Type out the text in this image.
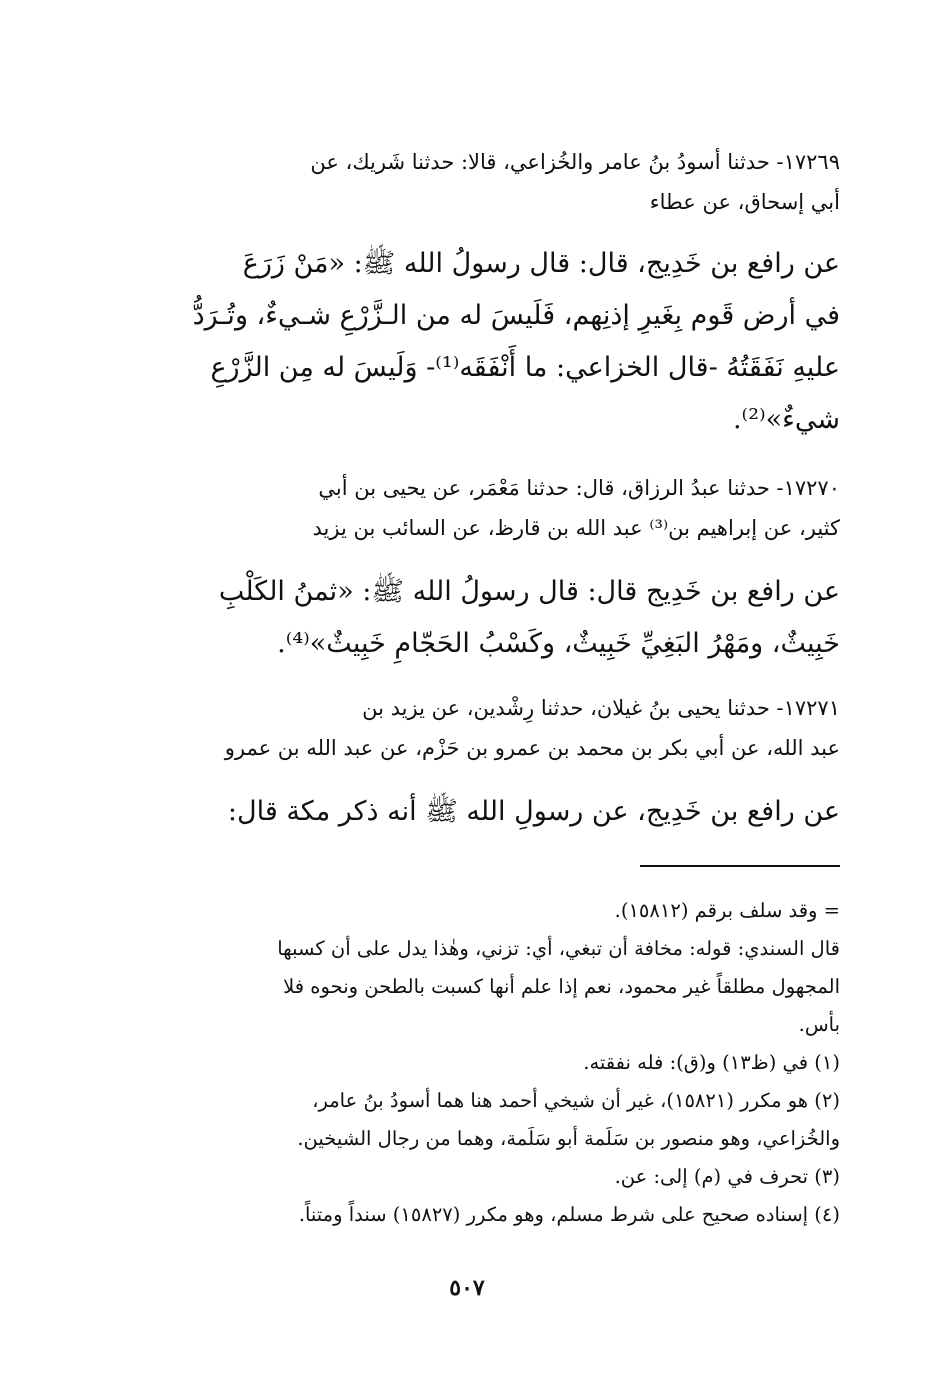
١٧٢٦٩- حدثنا أسودُ بنُ عامر والخُزاعي، قالا: حدثنا شَريك، عن
أبي إسحاق، عن عطاء
عن رافع بن خَدِيج، قال: قال رسولُ الله ﷺ: «مَنْ زَرَعَ
في أرض قَوم بِغَيرِ إذنِهم، فَلَيسَ له من الـزَّرْعِ شـيءٌ، وتُـرَدُّ
عليهِ نَفَقَتُهُ -قال الخزاعي: ما أَنْفَقَه⁽¹⁾- وَلَيسَ له مِن الزَّرْعِ
شيءٌ»⁽²⁾.
١٧٢٧٠- حدثنا عبدُ الرزاق، قال: حدثنا مَعْمَر، عن يحيى بن أبي
كثير، عن إبراهيم بن⁽³⁾ عبد الله بن قارظ، عن السائب بن يزيد
عن رافع بن خَدِيج قال: قال رسولُ الله ﷺ: «ثمنُ الكَلْبِ
خَبِيثٌ، ومَهْرُ البَغِيِّ خَبِيثٌ، وكَسْبُ الحَجّامِ خَبِيثٌ»⁽⁴⁾.
١٧٢٧١- حدثنا يحيى بنُ غيلان، حدثنا رِشْدين، عن يزيد بن
عبد الله، عن أبي بكر بن محمد بن عمرو بن حَزْم، عن عبد الله بن عمرو
عن رافع بن خَدِيج، عن رسولِ الله ﷺ أنه ذكر مكة قال:
= وقد سلف برقم (١٥٨١٢).
قال السندي: قوله: مخافة أن تبغي، أي: تزني، وهٰذا يدل على أن كسبها
المجهول مطلقاً غير محمود، نعم إذا علم أنها كسبت بالطحن ونحوه فلا
بأس.
(١) في (ظ١٣) و(ق): فله نفقته.
(٢) هو مكرر (١٥٨٢١)، غير أن شيخي أحمد هنا هما أسودُ بنُ عامر،
والخُزاعي، وهو منصور بن سَلَمة أبو سَلَمة، وهما من رجال الشيخين.
(٣) تحرف في (م) إلى: عن.
(٤) إسناده صحيح على شرط مسلم، وهو مكرر (١٥٨٢٧) سنداً ومتناً.
٥٠٧
